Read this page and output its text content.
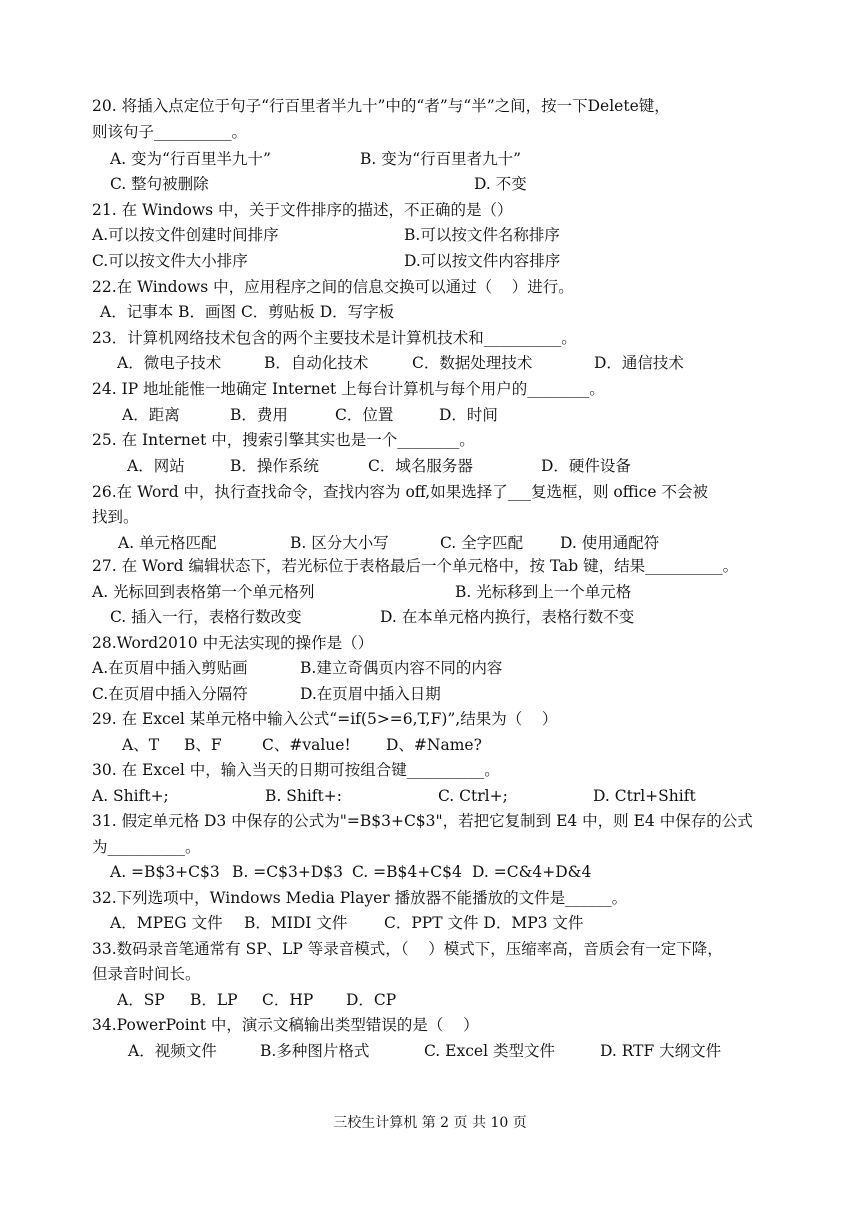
20. 将插入点定位于句子“行百里者半九十”中的“者”与“半”之间，按一下Delete键，
则该句子__________。
A. 变为“行百里半九十”	B. 变为“行百里者九十”
C. 整句被删除	D. 不变
21. 在 Windows 中，关于文件排序的描述，不正确的是（）
A.可以按文件创建时间排序	B.可以按文件名称排序
C.可以按文件大小排序	D.可以按文件内容排序
22.在 Windows 中，应用程序之间的信息交换可以通过（    ）进行。
A．记事本 B．画图 C．剪贴板 D．写字板
23．计算机网络技术包含的两个主要技术是计算机技术和__________。
A．微电子技术	B．自动化技术	C．数据处理技术	D．通信技术
24. IP 地址能惟一地确定 Internet 上每台计算机与每个用户的________。
A．距离	B．费用	C．位置	D．时间
25. 在 Internet 中，搜索引擎其实也是一个________。
A．网站	B．操作系统	C．域名服务器	D．硬件设备
26.在 Word 中，执行查找命令，查找内容为 off,如果选择了___复选框，则 office 不会被
找到。
A. 单元格匹配	B. 区分大小写	C. 全字匹配 D. 使用通配符
27. 在 Word 编辑状态下，若光标位于表格最后一个单元格中，按 Tab 键，结果__________。
A. 光标回到表格第一个单元格列	B. 光标移到上一个单元格
C. 插入一行，表格行数改变	D. 在本单元格内换行，表格行数不变
28.Word2010 中无法实现的操作是（）
A.在页眉中插入剪贴画	B.建立奇偶页内容不同的内容
C.在页眉中插入分隔符	D.在页眉中插入日期
29. 在 Excel 某单元格中输入公式“=if(5>=6,T,F)”,结果为（    ）
A、T B、F	C、#value! D、#Name?
30. 在 Excel 中，输入当天的日期可按组合键__________。
A. Shift+;	B. Shift+:	C. Ctrl+;	D. Ctrl+Shift
31. 假定单元格 D3 中保存的公式为"=B$3+C$3"，若把它复制到 E4 中，则 E4 中保存的公式
为__________。
A. =B$3+C$3 B. =C$3+D$3 C. =B$4+C$4 D. =C&4+D&4
32.下列选项中，Windows Media Player 播放器不能播放的文件是______。
A．MPEG 文件 B．MIDI 文件 C．PPT 文件 D．MP3 文件
33.数码录音笔通常有 SP、LP 等录音模式，（    ）模式下，压缩率高，音质会有一定下降，
但录音时间长。
A．SP B．LP C．HP D．CP
34.PowerPoint 中，演示文稿输出类型错误的是（    ）
A．视频文件	B.多种图片格式	C. Excel 类型文件	D. RTF 大纲文件
三校生计算机 第 2 页 共 10 页
